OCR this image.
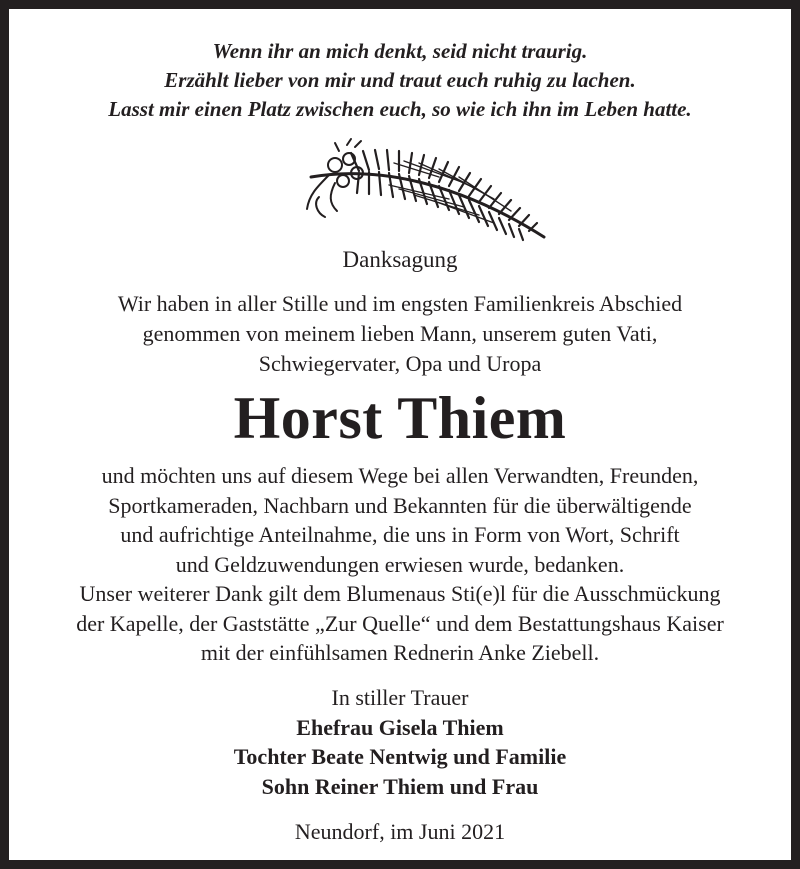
Wenn ihr an mich denkt, seid nicht traurig.
Erzählt lieber von mir und traut euch ruhig zu lachen.
Lasst mir einen Platz zwischen euch, so wie ich ihn im Leben hatte.
Danksagung
Wir haben in aller Stille und im engsten Familienkreis Abschied
genommen von meinem lieben Mann, unserem guten Vati,
Schwiegervater, Opa und Uropa
Horst Thiem
und möchten uns auf diesem Wege bei allen Verwandten, Freunden,
Sportkameraden, Nachbarn und Bekannten für die überwältigende
und aufrichtige Anteilnahme, die uns in Form von Wort, Schrift
und Geldzuwendungen erwiesen wurde, bedanken.
Unser weiterer Dank gilt dem Blumenaus Sti(e)l für die Ausschmückung
der Kapelle, der Gaststätte „Zur Quelle“ und dem Bestattungshaus Kaiser
mit der einfühlsamen Rednerin Anke Ziebell.
In stiller Trauer
Ehefrau Gisela Thiem
Tochter Beate Nentwig und Familie
Sohn Reiner Thiem und Frau
Neundorf, im Juni 2021
